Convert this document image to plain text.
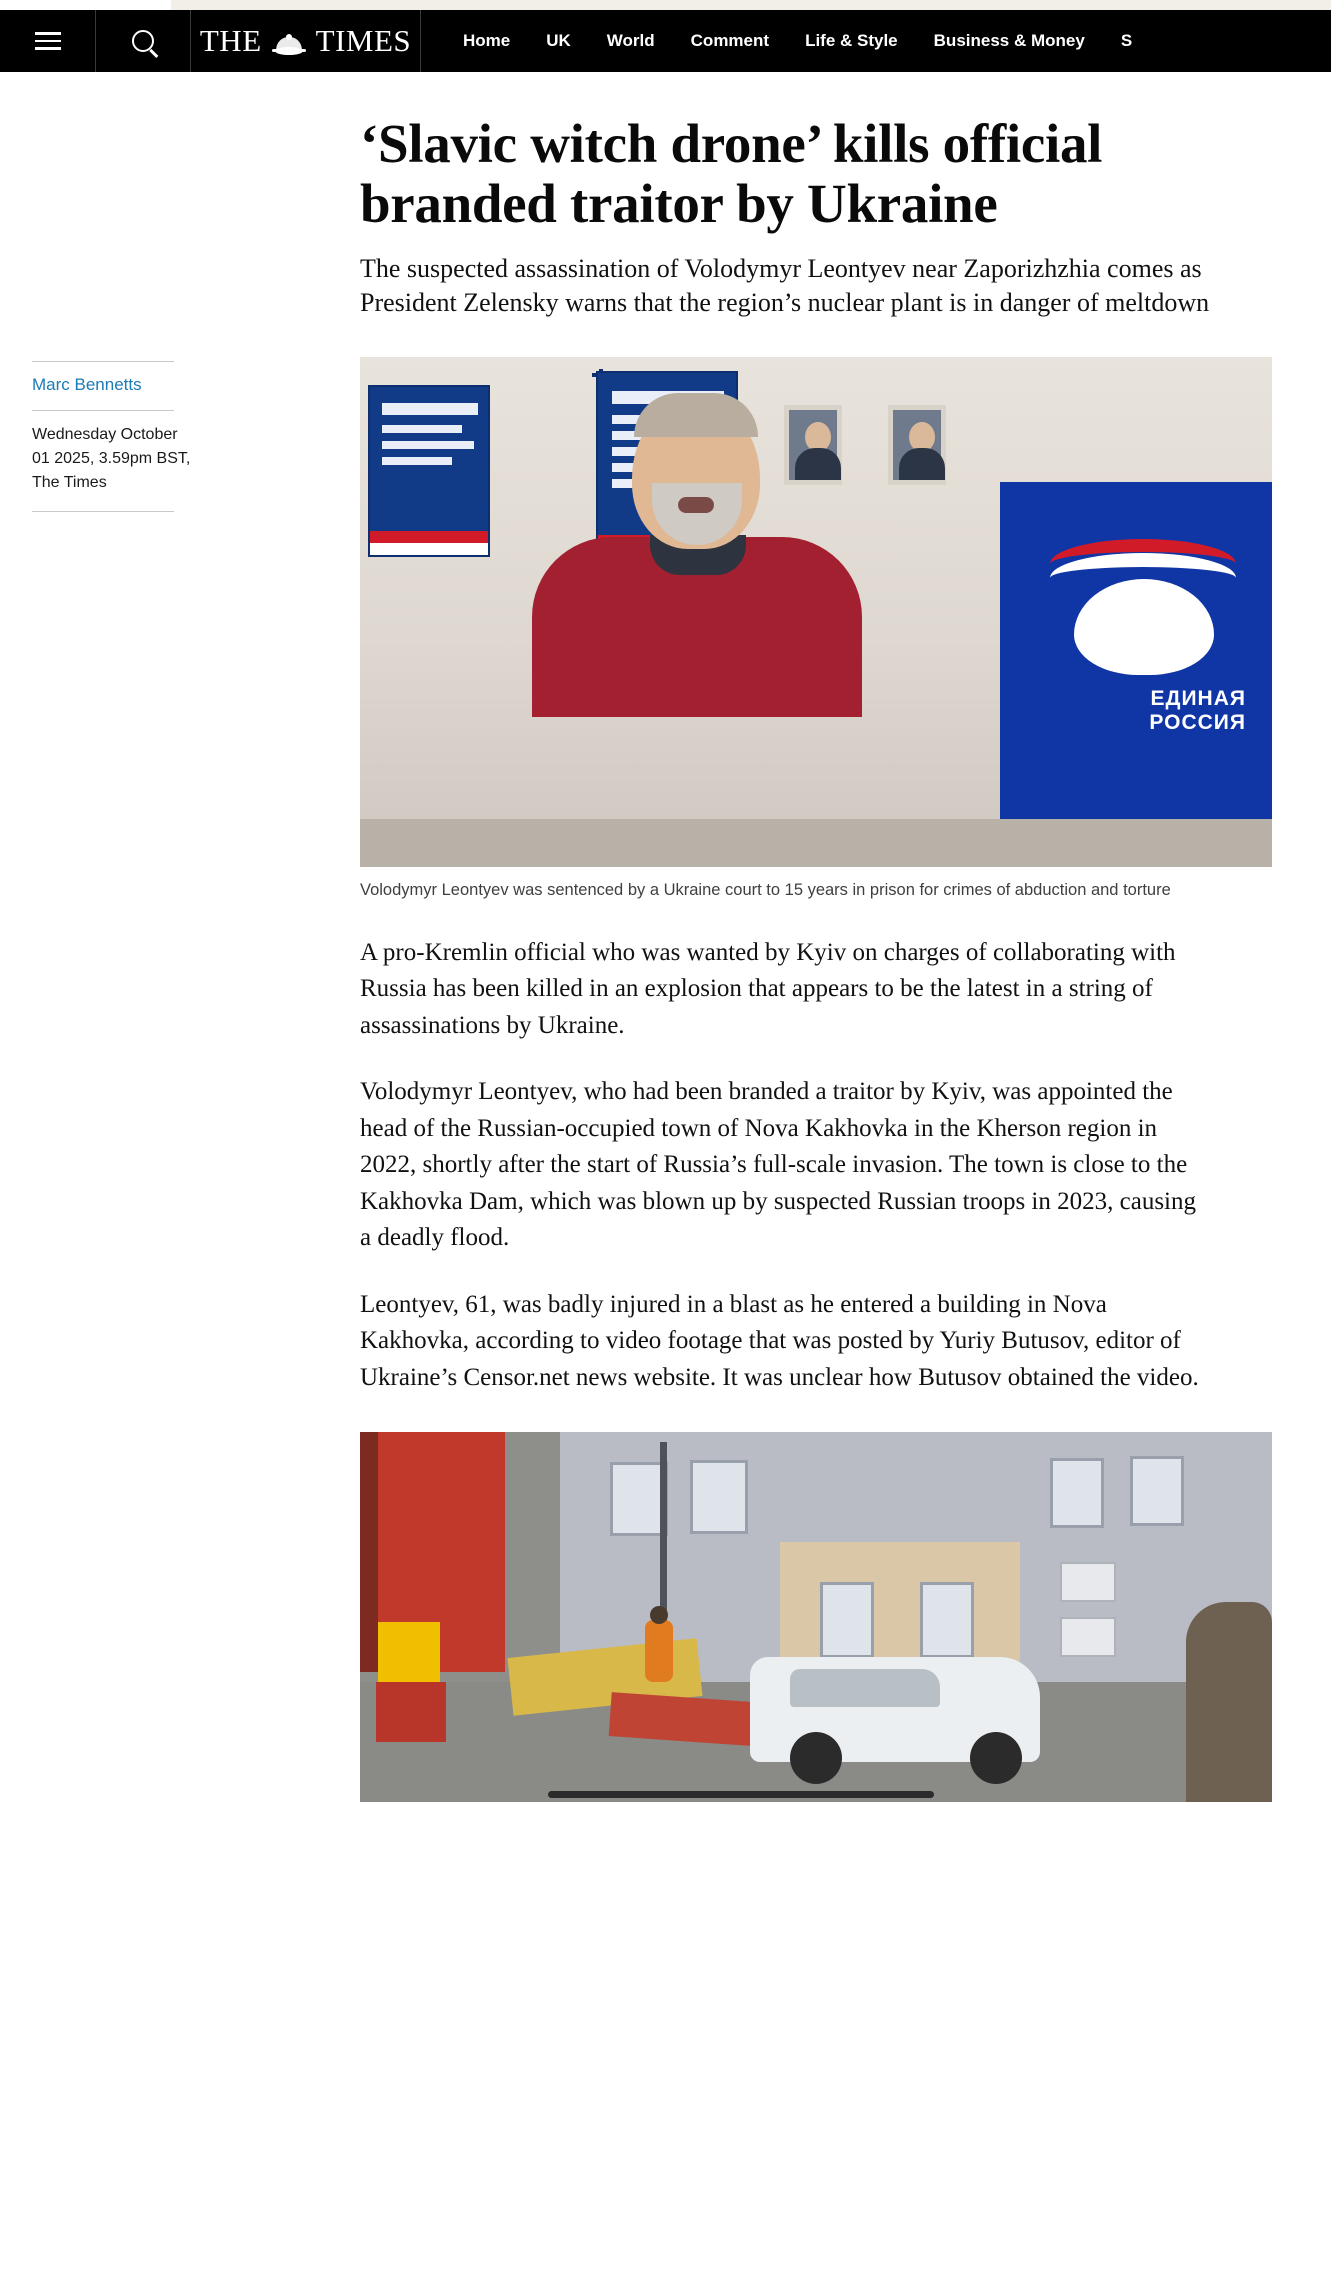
THE TIMES	Home	UK	World	Comment	Life & Style	Business & Money	S
‘Slavic witch drone’ kills official branded traitor by Ukraine

The suspected assassination of Volodymyr Leontyev near Zaporizhzhia comes as President Zelensky warns that the region’s nuclear plant is in danger of meltdown

Marc Bennetts
Wednesday October 01 2025, 3.59pm BST,
The Times
ЕДИНАЯ
РОССИЯ
Volodymyr Leontyev was sentenced by a Ukraine court to 15 years in prison for crimes of abduction and torture

A pro-Kremlin official who was wanted by Kyiv on charges of collaborating with Russia has been killed in an explosion that appears to be the latest in a string of assassinations by Ukraine.

Volodymyr Leontyev, who had been branded a traitor by Kyiv, was appointed the head of the Russian-occupied town of Nova Kakhovka in the Kherson region in 2022, shortly after the start of Russia’s full-scale invasion. The town is close to the Kakhovka Dam, which was blown up by suspected Russian troops in 2023, causing a deadly flood.

Leontyev, 61, was badly injured in a blast as he entered a building in Nova Kakhovka, according to video footage that was posted by Yuriy Butusov, editor of Ukraine’s Censor.net news website. It was unclear how Butusov obtained the video.
